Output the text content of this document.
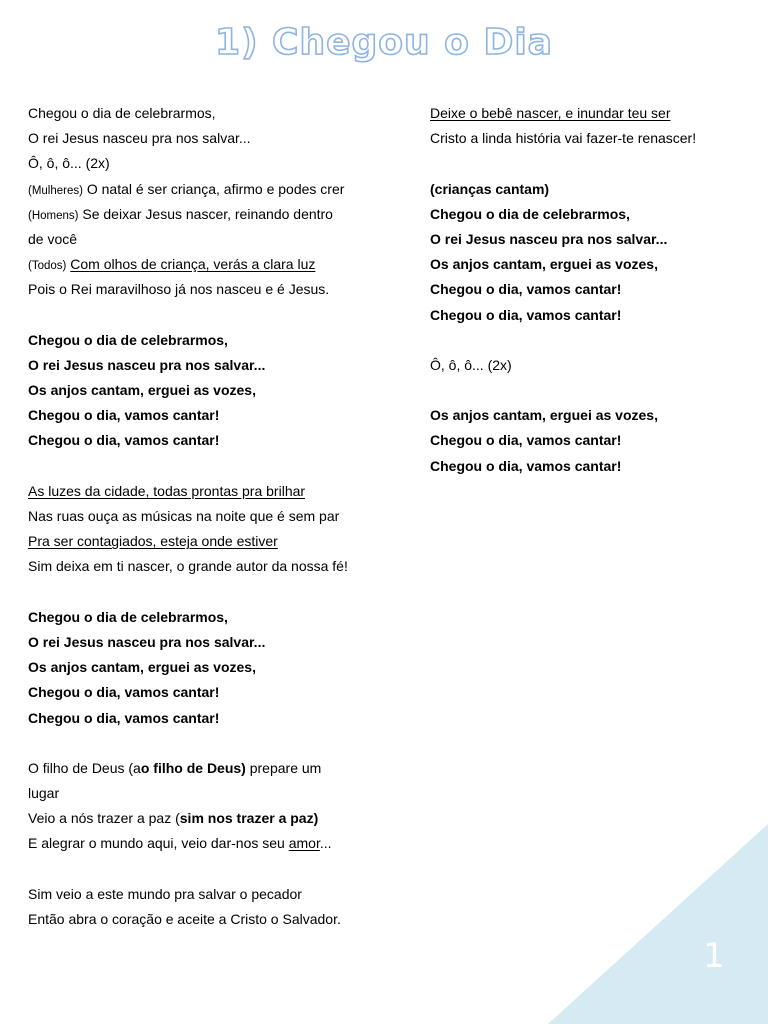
1) Chegou o Dia
Chegou o dia de celebrarmos,
O rei Jesus nasceu pra nos salvar...
Ô, ô, ô... (2x)
(Mulheres) O natal é ser criança, afirmo e podes crer
(Homens) Se deixar Jesus nascer, reinando dentro
de você
(Todos) Com olhos de criança, verás a clara luz
Pois o Rei maravilhoso já nos nasceu e é Jesus.
Chegou o dia de celebrarmos,
O rei Jesus nasceu pra nos salvar...
Os anjos cantam, erguei as vozes,
Chegou o dia, vamos cantar!
Chegou o dia, vamos cantar!
As luzes da cidade, todas prontas pra brilhar
Nas ruas ouça as músicas na noite que é sem par
Pra ser contagiados, esteja onde estiver
Sim deixa em ti nascer, o grande autor da nossa fé!
Chegou o dia de celebrarmos,
O rei Jesus nasceu pra nos salvar...
Os anjos cantam, erguei as vozes,
Chegou o dia, vamos cantar!
Chegou o dia, vamos cantar!
O filho de Deus (ao filho de Deus) prepare um
lugar
Veio a nós trazer a paz (sim nos trazer a paz)
E alegrar o mundo aqui, veio dar-nos seu amor...
Sim veio a este mundo pra salvar o pecador
Então abra o coração e aceite a Cristo o Salvador.
Deixe o bebê nascer, e inundar teu ser
Cristo a linda história vai fazer-te renascer!
(crianças cantam)
Chegou o dia de celebrarmos,
O rei Jesus nasceu pra nos salvar...
Os anjos cantam, erguei as vozes,
Chegou o dia, vamos cantar!
Chegou o dia, vamos cantar!
Ô, ô, ô... (2x)
Os anjos cantam, erguei as vozes,
Chegou o dia, vamos cantar!
Chegou o dia, vamos cantar!
1
